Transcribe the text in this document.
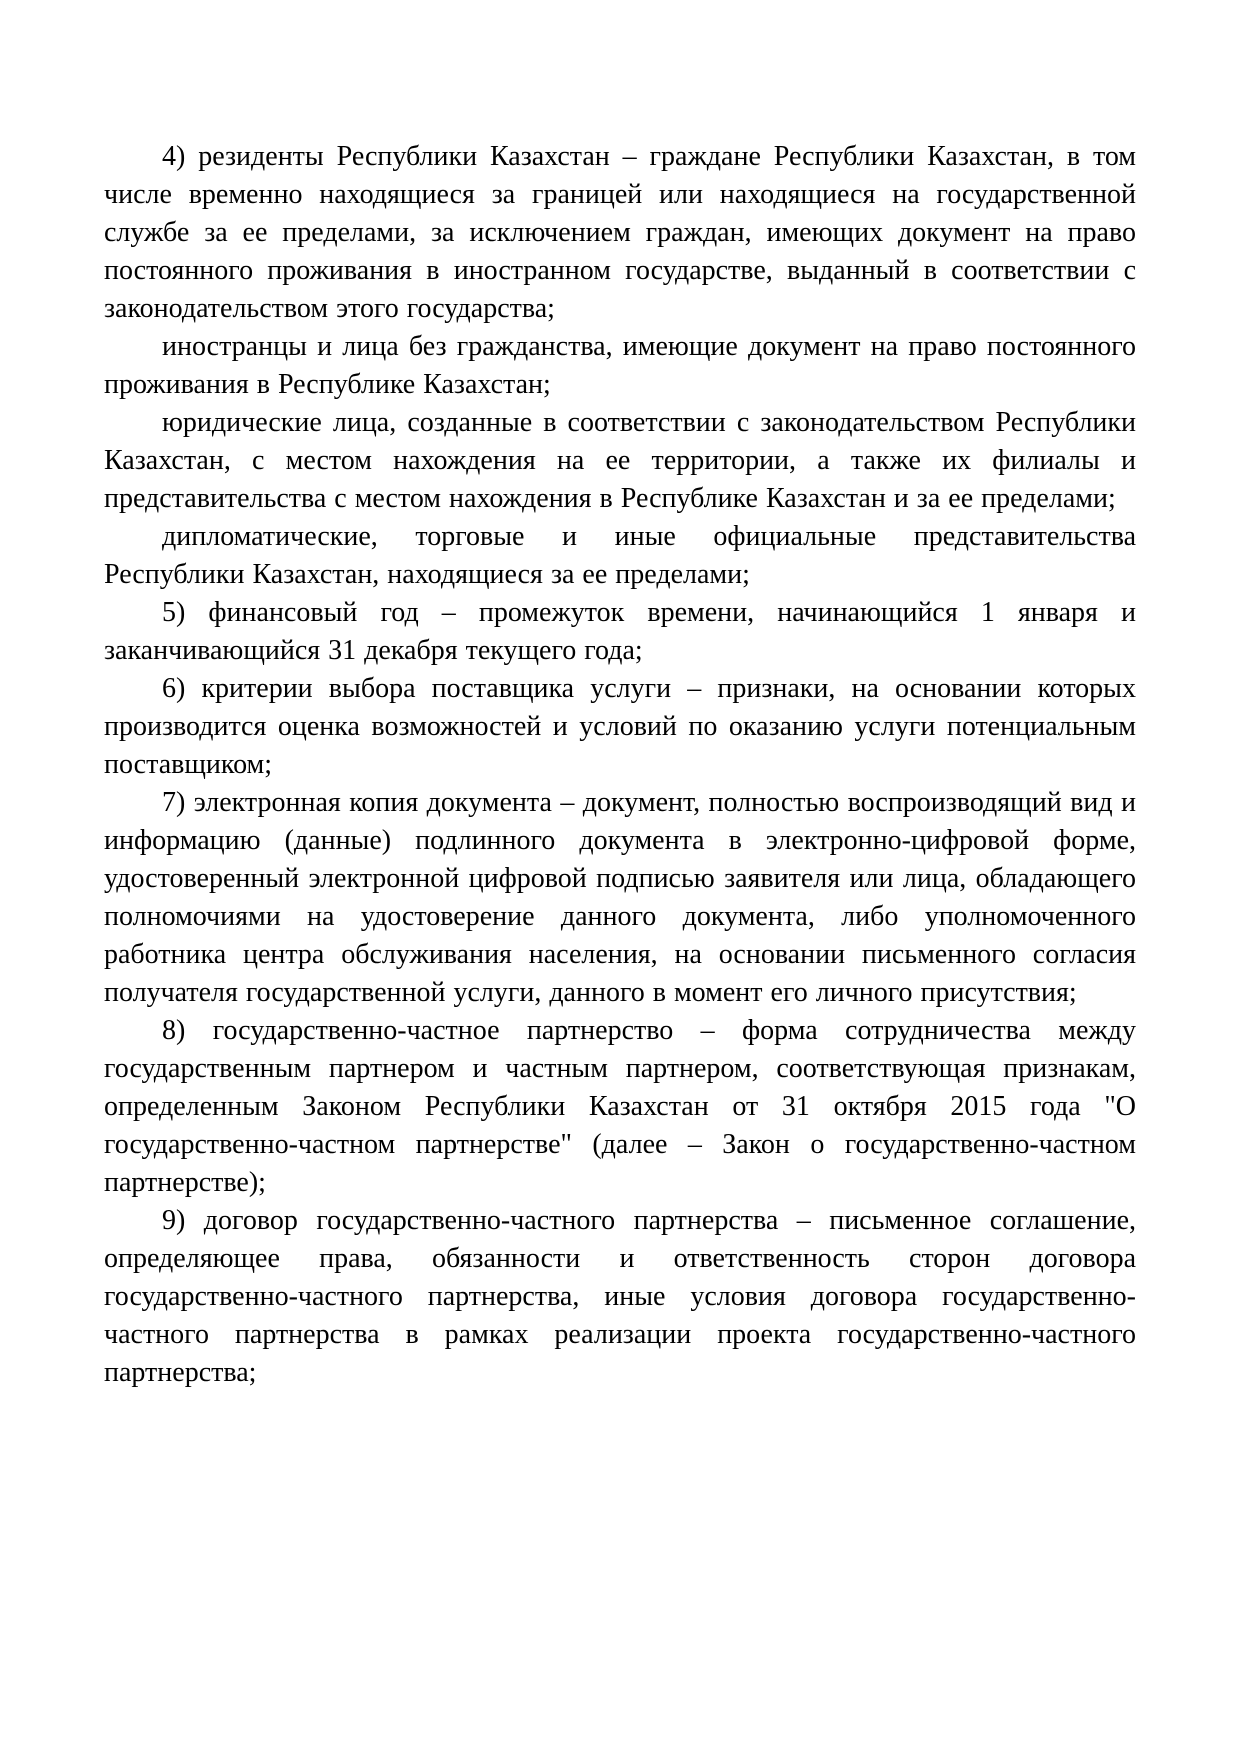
4) резиденты Республики Казахстан – граждане Республики Казахстан, в том числе временно находящиеся за границей или находящиеся на государственной службе за ее пределами, за исключением граждан, имеющих документ на право постоянного проживания в иностранном государстве, выданный в соответствии с законодательством этого государства;

иностранцы и лица без гражданства, имеющие документ на право постоянного проживания в Республике Казахстан;

юридические лица, созданные в соответствии с законодательством Республики Казахстан, с местом нахождения на ее территории, а также их филиалы и представительства с местом нахождения в Республике Казахстан и за ее пределами;

дипломатические, торговые и иные официальные представительства Республики Казахстан, находящиеся за ее пределами;

5) финансовый год – промежуток времени, начинающийся 1 января и заканчивающийся 31 декабря текущего года;

6) критерии выбора поставщика услуги – признаки, на основании которых производится оценка возможностей и условий по оказанию услуги потенциальным поставщиком;

7) электронная копия документа – документ, полностью воспроизводящий вид и информацию (данные) подлинного документа в электронно-цифровой форме, удостоверенный электронной цифровой подписью заявителя или лица, обладающего полномочиями на удостоверение данного документа, либо уполномоченного работника центра обслуживания населения, на основании письменного согласия получателя государственной услуги, данного в момент его личного присутствия;

8) государственно-частное партнерство – форма сотрудничества между государственным партнером и частным партнером, соответствующая признакам, определенным Законом Республики Казахстан от 31 октября 2015 года "О государственно-частном партнерстве" (далее – Закон о государственно-частном партнерстве);

9) договор государственно-частного партнерства – письменное соглашение, определяющее права, обязанности и ответственность сторон договора государственно-частного партнерства, иные условия договора государственно-частного партнерства в рамках реализации проекта государственно-частного партнерства;
